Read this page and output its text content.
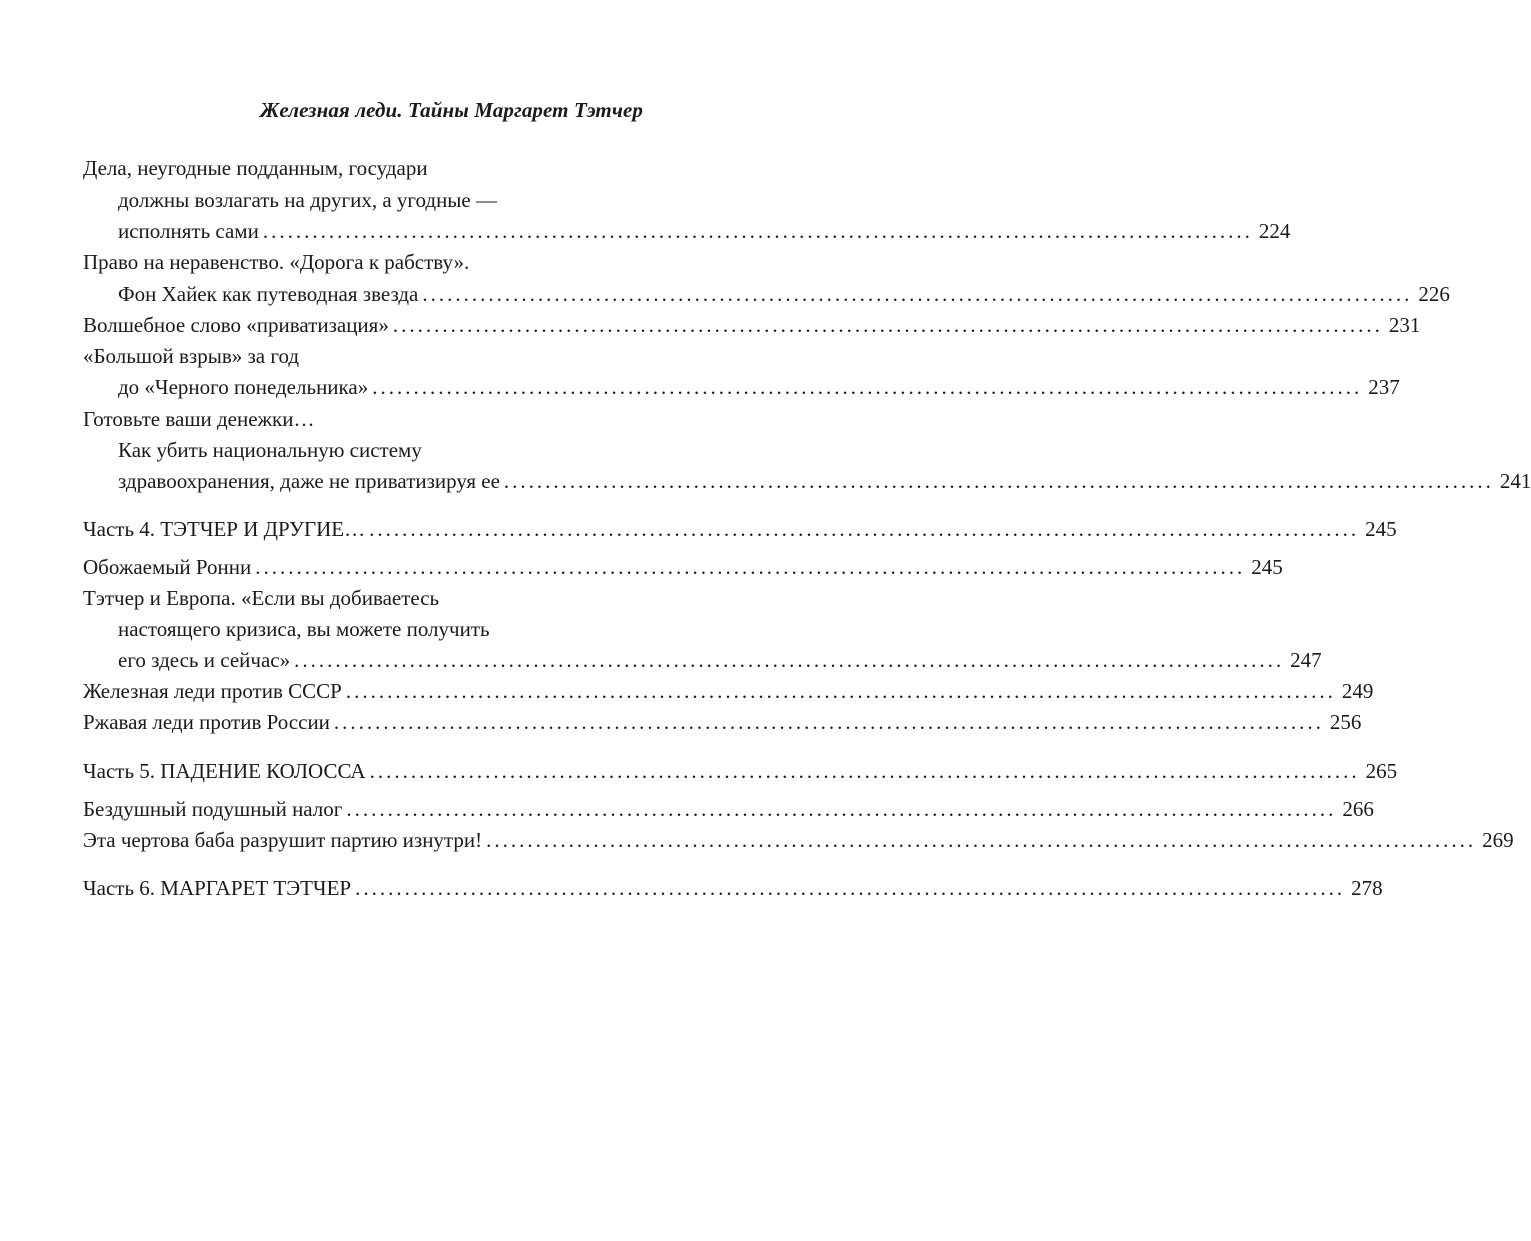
Железная леди. Тайны Маргарет Тэтчер
Дела, неугодные подданным, государи
должны возлагать на других, а угодные —
исполнять сами ........................................................................................................................ 224
Право на неравенство. «Дорога к рабству».
Фон Хайек как путеводная звезда ........................................................................................................................ 226
Волшебное слово «приватизация» ........................................................................................................................ 231
«Большой взрыв» за год
до «Черного понедельника» ........................................................................................................................ 237
Готовьте ваши денежки…
Как убить национальную систему
здравоохранения, даже не приватизируя ее ........................................................................................................................ 241
Часть 4. ТЭТЧЕР И ДРУГИЕ… ........................................................................................................................ 245
Обожаемый Ронни ........................................................................................................................ 245
Тэтчер и Европа. «Если вы добиваетесь
настоящего кризиса, вы можете получить
его здесь и сейчас» ........................................................................................................................ 247
Железная леди против СССР ........................................................................................................................ 249
Ржавая леди против России ........................................................................................................................ 256
Часть 5. ПАДЕНИЕ КОЛОССА ........................................................................................................................ 265
Бездушный подушный налог ........................................................................................................................ 266
Эта чертова баба разрушит партию изнутри! ........................................................................................................................ 269
Часть 6. МАРГАРЕТ ТЭТЧЕР ........................................................................................................................ 278
